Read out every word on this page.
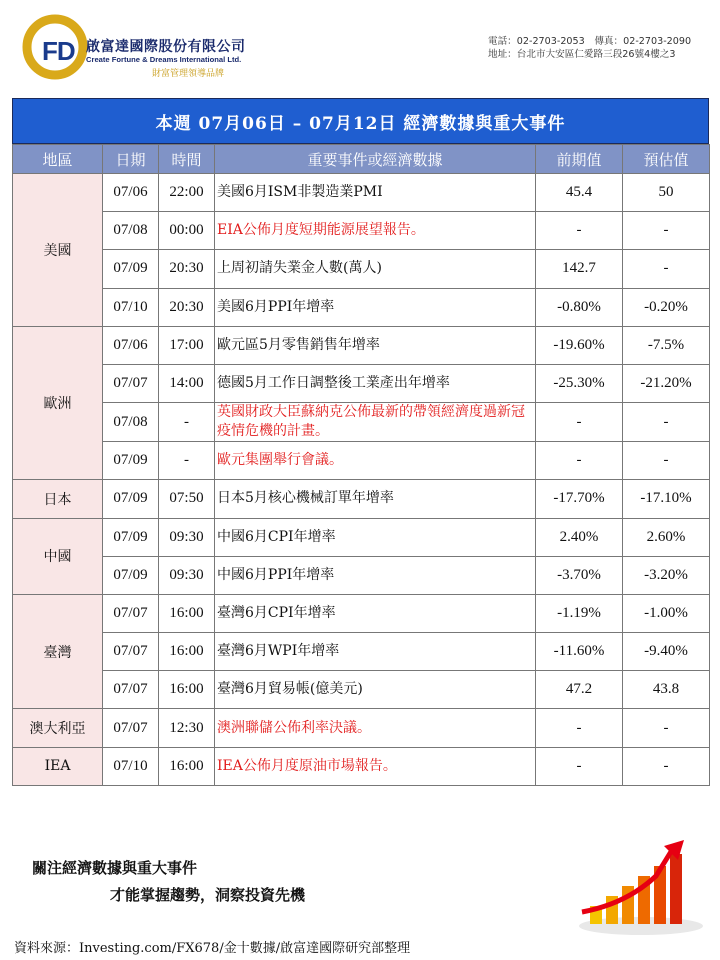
FD 啟富達國際股份有限公司
Create Fortune & Dreams International Ltd.
財富管理領導品牌
電話：02-2703-2053　傳真：02-2703-2090
地址：台北市大安區仁愛路三段26號4樓之3
本週 07月06日 – 07月12日 經濟數據與重大事件
地區	日期	時間	重要事件或經濟數據	前期值	預估值
美國	07/06	22:00	美國6月ISM非製造業PMI	45.4	50
	07/08	00:00	EIA公佈月度短期能源展望報告。	-	-
	07/09	20:30	上周初請失業金人數(萬人)	142.7	-
	07/10	20:30	美國6月PPI年增率	-0.80%	-0.20%
歐洲	07/06	17:00	歐元區5月零售銷售年增率	-19.60%	-7.5%
	07/07	14:00	德國5月工作日調整後工業產出年增率	-25.30%	-21.20%
	07/08	-	英國財政大臣蘇納克公佈最新的帶領經濟度過新冠疫情危機的計畫。	-	-
	07/09	-	歐元集團舉行會議。	-	-
日本	07/09	07:50	日本5月核心機械訂單年增率	-17.70%	-17.10%
中國	07/09	09:30	中國6月CPI年增率	2.40%	2.60%
	07/09	09:30	中國6月PPI年增率	-3.70%	-3.20%
臺灣	07/07	16:00	臺灣6月CPI年增率	-1.19%	-1.00%
	07/07	16:00	臺灣6月WPI年增率	-11.60%	-9.40%
	07/07	16:00	臺灣6月貿易帳(億美元)	47.2	43.8
澳大利亞	07/07	12:30	澳洲聯儲公佈利率決議。	-	-
IEA	07/10	16:00	IEA公佈月度原油市場報告。	-	-
關注經濟數據與重大事件
才能掌握趨勢，洞察投資先機
資料來源：Investing.com/FX678/金十數據/啟富達國際研究部整理
